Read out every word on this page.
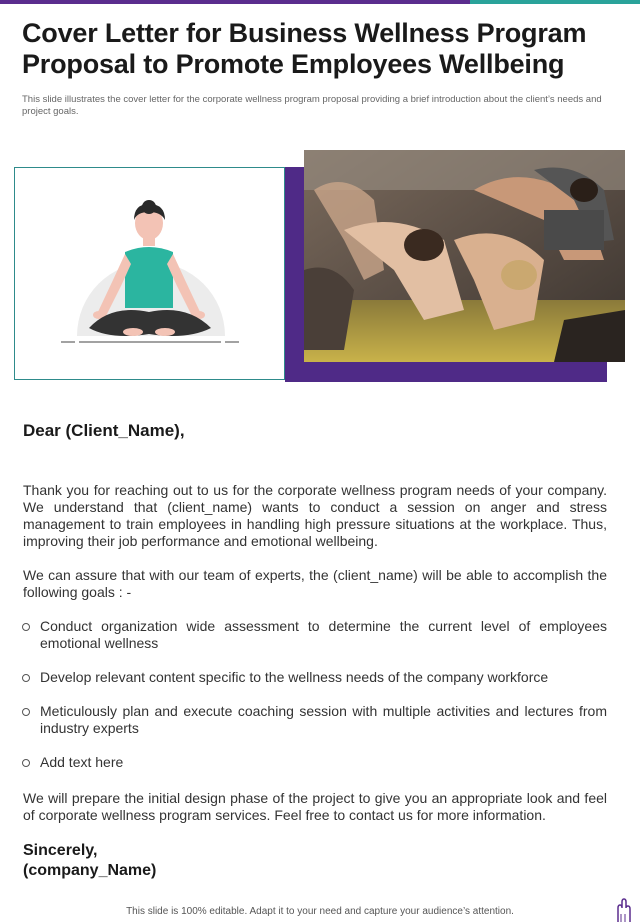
Cover Letter for Business Wellness Program Proposal to Promote Employees Wellbeing
This slide illustrates the cover letter for the corporate wellness program proposal providing a brief introduction about the client’s needs and project goals.
Dear (Client_Name),
Thank you for reaching out to us for the corporate wellness program needs of your company. We understand that (client_name) wants to conduct a session on anger and stress management to train employees in handling high pressure situations at the workplace. Thus, improving their job performance and emotional wellbeing.
We can assure that with our team of experts, the (client_name) will be able to accomplish the following goals : -
Conduct organization wide assessment to determine the current level of employees emotional wellness
Develop relevant content specific to the wellness needs of the company workforce
Meticulously plan and execute coaching session with multiple activities and lectures from industry experts
Add text here
We will prepare the initial design phase of the project to give you an appropriate look and feel of corporate wellness program services. Feel free to contact us for more information.
Sincerely,
(company_Name)
This slide is 100% editable. Adapt it to your need and capture your audience’s attention.
